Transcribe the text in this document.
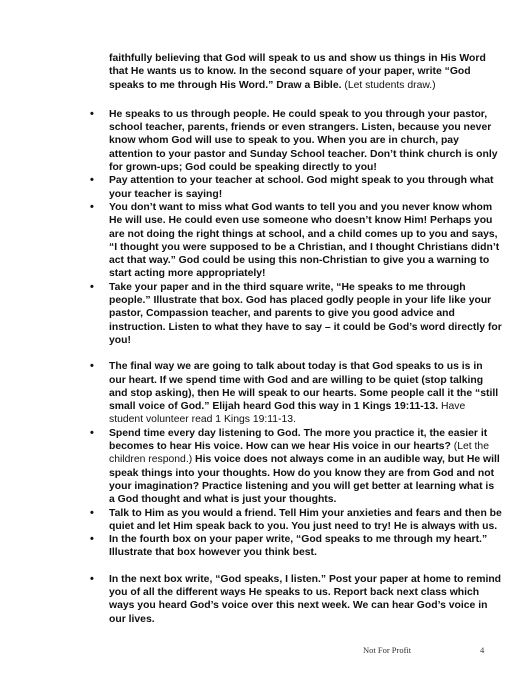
faithfully believing that God will speak to us and show us things in His Word that He wants us to know. In the second square of your paper, write “God speaks to me through His Word.” Draw a Bible. (Let students draw.)

•	He speaks to us through people. He could speak to you through your pastor, school teacher, parents, friends or even strangers. Listen, because you never know whom God will use to speak to you. When you are in church, pay attention to your pastor and Sunday School teacher. Don’t think church is only for grown-ups; God could be speaking directly to you!

•	Pay attention to your teacher at school. God might speak to you through what your teacher is saying!

•	You don’t want to miss what God wants to tell you and you never know whom He will use. He could even use someone who doesn’t know Him! Perhaps you are not doing the right things at school, and a child comes up to you and says, “I thought you were supposed to be a Christian, and I thought Christians didn’t act that way.” God could be using this non-Christian to give you a warning to start acting more appropriately!

•	Take your paper and in the third square write, “He speaks to me through people.” Illustrate that box. God has placed godly people in your life like your pastor, Compassion teacher, and parents to give you good advice and instruction. Listen to what they have to say – it could be God’s word directly for you!

•	The final way we are going to talk about today is that God speaks to us is in our heart. If we spend time with God and are willing to be quiet (stop talking and stop asking), then He will speak to our hearts. Some people call it the “still small voice of God.” Elijah heard God this way in 1 Kings 19:11-13. Have student volunteer read 1 Kings 19:11-13.

•	Spend time every day listening to God. The more you practice it, the easier it becomes to hear His voice. How can we hear His voice in our hearts? (Let the children respond.) His voice does not always come in an audible way, but He will speak things into your thoughts. How do you know they are from God and not your imagination? Practice listening and you will get better at learning what is a God thought and what is just your thoughts.

•	Talk to Him as you would a friend. Tell Him your anxieties and fears and then be quiet and let Him speak back to you. You just need to try! He is always with us.

•	In the fourth box on your paper write, “God speaks to me through my heart.” Illustrate that box however you think best.

•	In the next box write, “God speaks, I listen.” Post your paper at home to remind you of all the different ways He speaks to us. Report back next class which ways you heard God’s voice over this next week. We can hear God’s voice in our lives.

Not For Profit	4
